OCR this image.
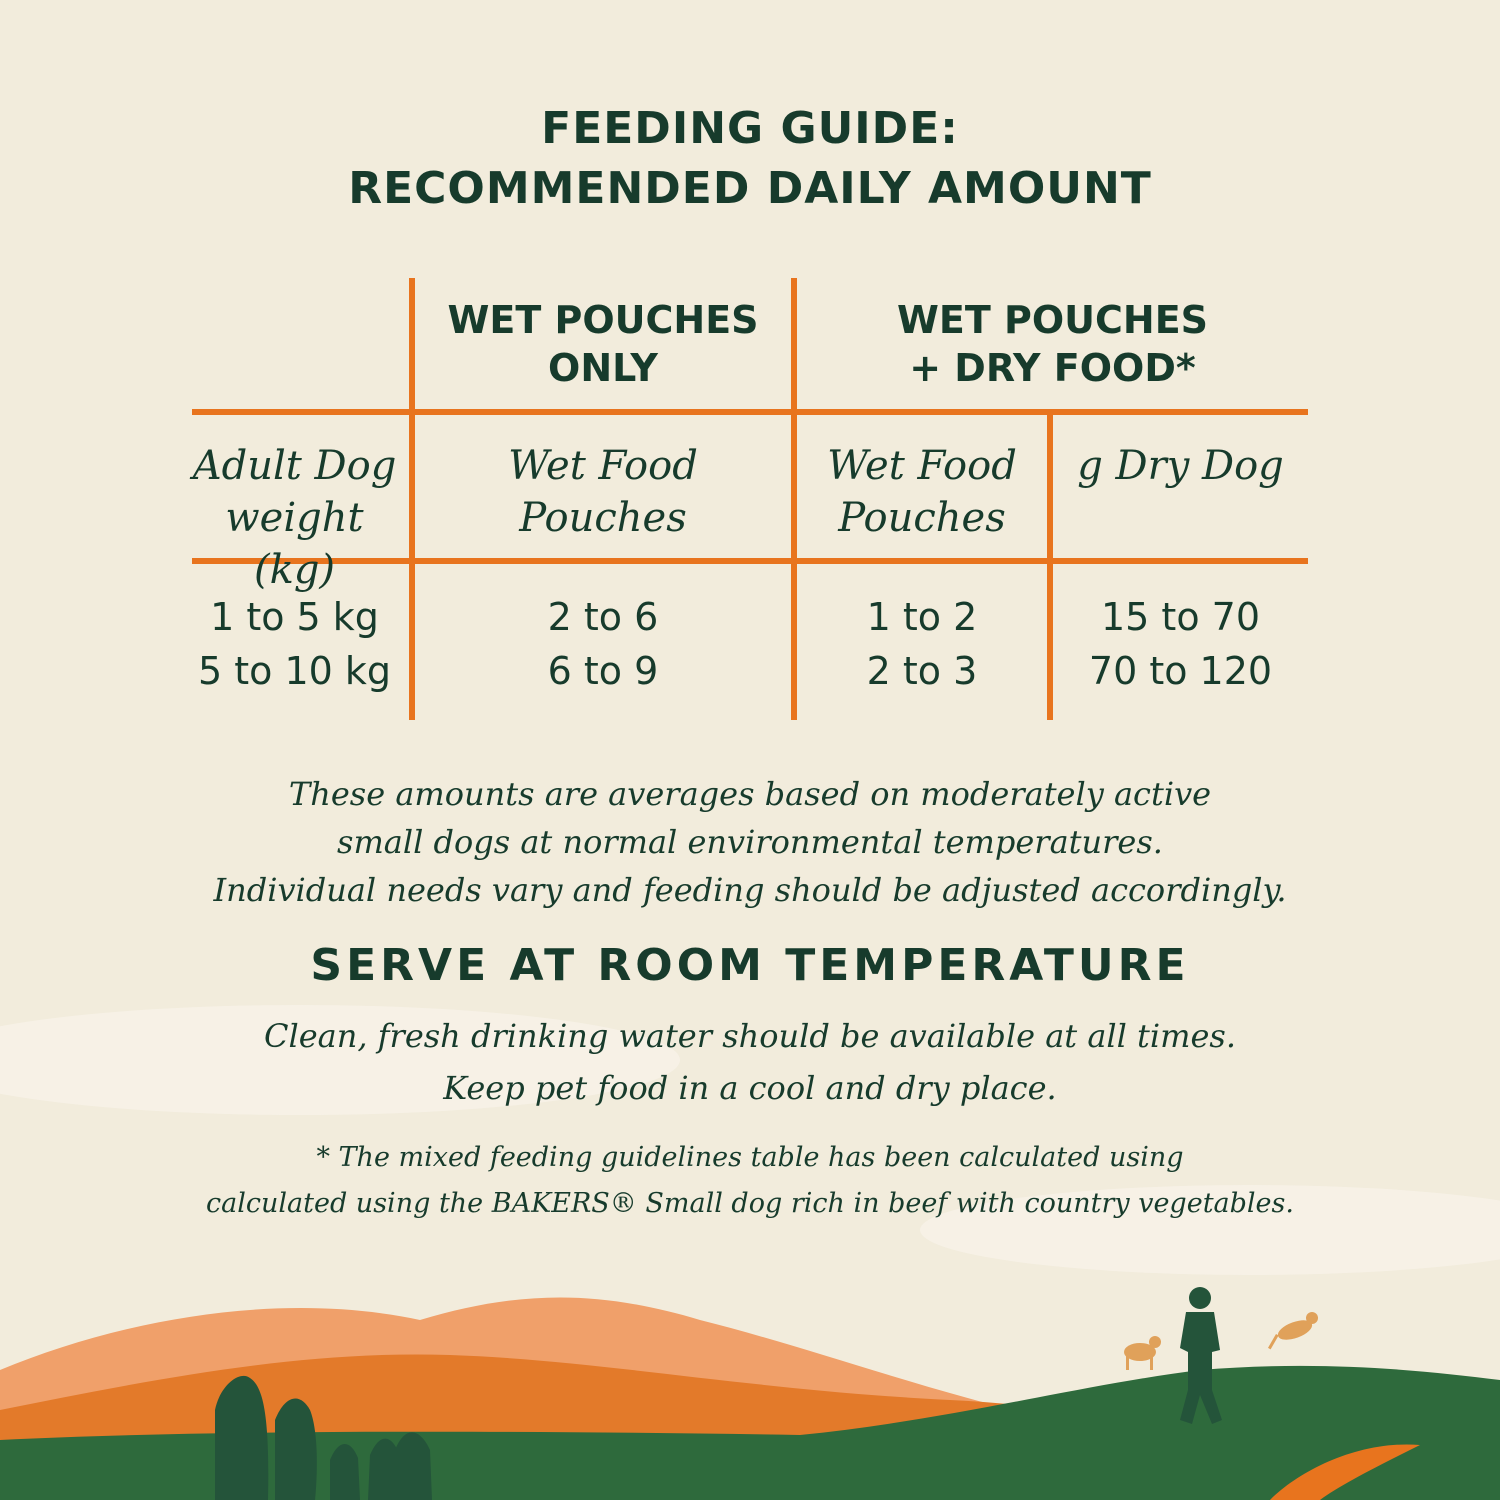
FEEDING GUIDE:
RECOMMENDED DAILY AMOUNT
WET POUCHES
ONLY
WET POUCHES
+ DRY FOOD*
Adult Dog
weight (kg)
Wet Food
Pouches
Wet Food
Pouches
g Dry Dog
1 to 5 kg
5 to 10 kg
2 to 6
6 to 9
1 to 2
2 to 3
15 to 70
70 to 120
These amounts are averages based on moderately active
small dogs at normal environmental temperatures.
Individual needs vary and feeding should be adjusted accordingly.
SERVE AT ROOM TEMPERATURE
Clean, fresh drinking water should be available at all times.
Keep pet food in a cool and dry place.
* The mixed feeding guidelines table has been calculated using
calculated using the BAKERS® Small dog rich in beef with country vegetables.
